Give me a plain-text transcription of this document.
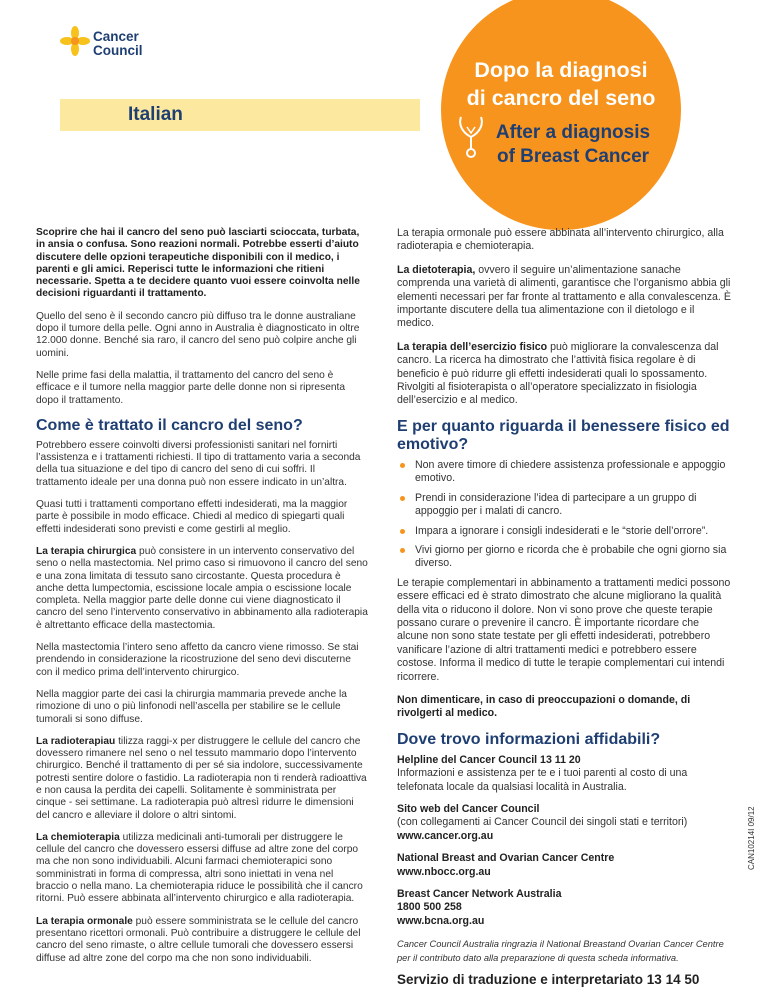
Cancer
Council
Italian
Dopo la diagnosi
di cancro del seno
After a diagnosis
of Breast Cancer

Scoprire che hai il cancro del seno può lasciarti scioccata, turbata, in ansia o confusa. Sono reazioni normali. Potrebbe esserti d’aiuto discutere delle opzioni terapeutiche disponibili con il medico, i parenti e gli amici. Reperisci tutte le informazioni che ritieni necessarie. Spetta a te decidere quanto vuoi essere coinvolta nelle decisioni riguardanti il trattamento.

Quello del seno è il secondo cancro più diffuso tra le donne australiane dopo il tumore della pelle. Ogni anno in Australia è diagnosticato in oltre 12.000 donne. Benché sia raro, il cancro del seno può colpire anche gli uomini.

Nelle prime fasi della malattia, il trattamento del cancro del seno è efficace e il tumore nella maggior parte delle donne non si ripresenta dopo il trattamento.

Come è trattato il cancro del seno?

Potrebbero essere coinvolti diversi professionisti sanitari nel fornirti l’assistenza e i trattamenti richiesti. Il tipo di trattamento varia a seconda della tua situazione e del tipo di cancro del seno di cui soffri. Il trattamento ideale per una donna può non essere indicato in un’altra.

Quasi tutti i trattamenti comportano effetti indesiderati, ma la maggior parte è possibile in modo efficace. Chiedi al medico di spiegarti quali effetti indesiderati sono previsti e come gestirli al meglio.

La terapia chirurgica può consistere in un intervento conservativo del seno o nella mastectomia. Nel primo caso si rimuovono il cancro del seno e una zona limitata di tessuto sano circostante. Questa procedura è anche detta lumpectomia, escissione locale ampia o escissione locale completa. Nella maggior parte delle donne cui viene diagnosticato il cancro del seno l’intervento conservativo in abbinamento alla radioterapia è altrettanto efficace della mastectomia.

Nella mastectomia l’intero seno affetto da cancro viene rimosso. Se stai prendendo in considerazione la ricostruzione del seno devi discuterne con il medico prima dell’intervento chirurgico.

Nella maggior parte dei casi la chirurgia mammaria prevede anche la rimozione di uno o più linfonodi nell’ascella per stabilire se le cellule tumorali si sono diffuse.

La radioterapiau tilizza raggi-x per distruggere le cellule del cancro che dovessero rimanere nel seno o nel tessuto mammario dopo l’intervento chirurgico. Benché il trattamento di per sé sia indolore, successivamente potresti sentire dolore o fastidio. La radioterapia non ti renderà radioattiva e non causa la perdita dei capelli. Solitamente è somministrata per cinque - sei settimane. La radioterapia può altresì ridurre le dimensioni del cancro e alleviare il dolore o altri sintomi.

La chemioterapia utilizza medicinali anti-tumorali per distruggere le cellule del cancro che dovessero essersi diffuse ad altre zone del corpo ma che non sono individuabili. Alcuni farmaci chemioterapici sono somministrati in forma di compressa, altri sono iniettati in vena nel braccio o nella mano. La chemioterapia riduce le possibilità che il cancro ritorni. Può essere abbinata all’intervento chirurgico e alla radioterapia.

La terapia ormonale può essere somministrata se le cellule del cancro presentano ricettori ormonali. Può contribuire a distruggere le cellule del cancro del seno rimaste, o altre cellule tumorali che dovessero essersi diffuse ad altre zone del corpo ma che non sono individuabili.

La terapia ormonale può essere abbinata all’intervento chirurgico, alla radioterapia e chemioterapia.

La dietoterapia, ovvero il seguire un’alimentazione sanache comprenda una varietà di alimenti, garantisce che l’organismo abbia gli elementi necessari per far fronte al trattamento e alla convalescenza. È importante discutere della tua alimentazione con il dietologo e il medico.

La terapia dell’esercizio fisico può migliorare la convalescenza dal cancro. La ricerca ha dimostrato che l’attività fisica regolare è di beneficio è può ridurre gli effetti indesiderati quali lo spossamento. Rivolgiti al fisioterapista o all’operatore specializzato in fisiologia dell’esercizio e al medico.

E per quanto riguarda il benessere fisico ed emotivo?
Non avere timore di chiedere assistenza professionale e appoggio emotivo.
Prendi in considerazione l’idea di partecipare a un gruppo di appoggio per i malati di cancro.
Impara a ignorare i consigli indesiderati e le “storie dell’orrore”.
Vivi giorno per giorno e ricorda che è probabile che ogni giorno sia diverso.

Le terapie complementari in abbinamento a trattamenti medici possono essere efficaci ed è strato dimostrato che alcune migliorano la qualità della vita o riducono il dolore. Non vi sono prove che queste terapie possano curare o prevenire il cancro. È importante ricordare che alcune non sono state testate per gli effetti indesiderati, potrebbero vanificare l’azione di altri trattamenti medici e potrebbero essere costose. Informa il medico di tutte le terapie complementari cui intendi ricorrere.

Non dimenticare, in caso di preoccupazioni o domande, di rivolgerti al medico.

Dove trovo informazioni affidabili?
Helpline del Cancer Council 13 11 20
Informazioni e assistenza per te e i tuoi parenti al costo di una telefonata locale da qualsiasi località in Australia.
Sito web del Cancer Council
(con collegamenti ai Cancer Council dei singoli stati e territori)
www.cancer.org.au
National Breast and Ovarian Cancer Centre
www.nbocc.org.au
Breast Cancer Network Australia
1800 500 258
www.bcna.org.au

Cancer Council Australia ringrazia il National Breastand Ovarian Cancer Centre per il contributo dato alla preparazione di questa scheda informativa.

Servizio di traduzione e interpretariato 13 14 50

CAN10214I 09/12
